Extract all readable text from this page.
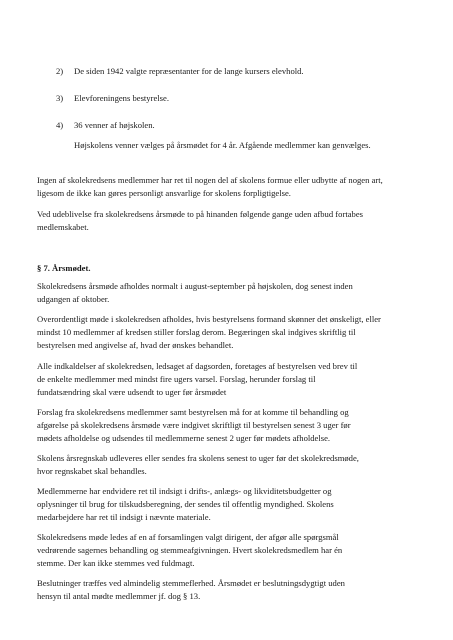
2) De siden 1942 valgte repræsentanter for de lange kursers elevhold.
3) Elevforeningens bestyrelse.
4) 36 venner af højskolen.
Højskolens venner vælges på årsmødet for 4 år. Afgående medlemmer kan genvælges.
Ingen af skolekredsens medlemmer har ret til nogen del af skolens formue eller udbytte af nogen art,
ligesom de ikke kan gøres personligt ansvarlige for skolens forpligtigelse.
Ved udeblivelse fra skolekredsens årsmøde to på hinanden følgende gange uden afbud fortabes
medlemskabet.
§ 7. Årsmødet.
Skolekredsens årsmøde afholdes normalt i august-september på højskolen, dog senest inden
udgangen af oktober.
Overordentligt møde i skolekredsen afholdes, hvis bestyrelsens formand skønner det ønskeligt, eller
mindst 10 medlemmer af kredsen stiller forslag derom. Begæringen skal indgives skriftlig til
bestyrelsen med angivelse af, hvad der ønskes behandlet.
Alle indkaldelser af skolekredsen, ledsaget af dagsorden, foretages af bestyrelsen ved brev til
de enkelte medlemmer med mindst fire ugers varsel. Forslag, herunder forslag til
fundatsændring skal være udsendt to uger før årsmødet
Forslag fra skolekredsens medlemmer samt bestyrelsen må for at komme til behandling og
afgørelse på skolekredsens årsmøde være indgivet skriftligt til bestyrelsen senest 3 uger før
mødets afholdelse og udsendes til medlemmerne senest 2 uger før mødets afholdelse.
Skolens årsregnskab udleveres eller sendes fra skolens senest to uger før det skolekredsmøde,
hvor regnskabet skal behandles.
Medlemmerne har endvidere ret til indsigt i drifts-, anlægs- og likviditetsbudgetter og
oplysninger til brug for tilskudsberegning, der sendes til offentlig myndighed. Skolens
medarbejdere har ret til indsigt i nævnte materiale.
Skolekredsens møde ledes af en af forsamlingen valgt dirigent, der afgør alle spørgsmål
vedrørende sagernes behandling og stemmeafgivningen. Hvert skolekredsmedlem har én
stemme. Der kan ikke stemmes ved fuldmagt.
Beslutninger træffes ved almindelig stemmeflerhed. Årsmødet er beslutningsdygtigt uden
hensyn til antal mødte medlemmer jf. dog § 13.
